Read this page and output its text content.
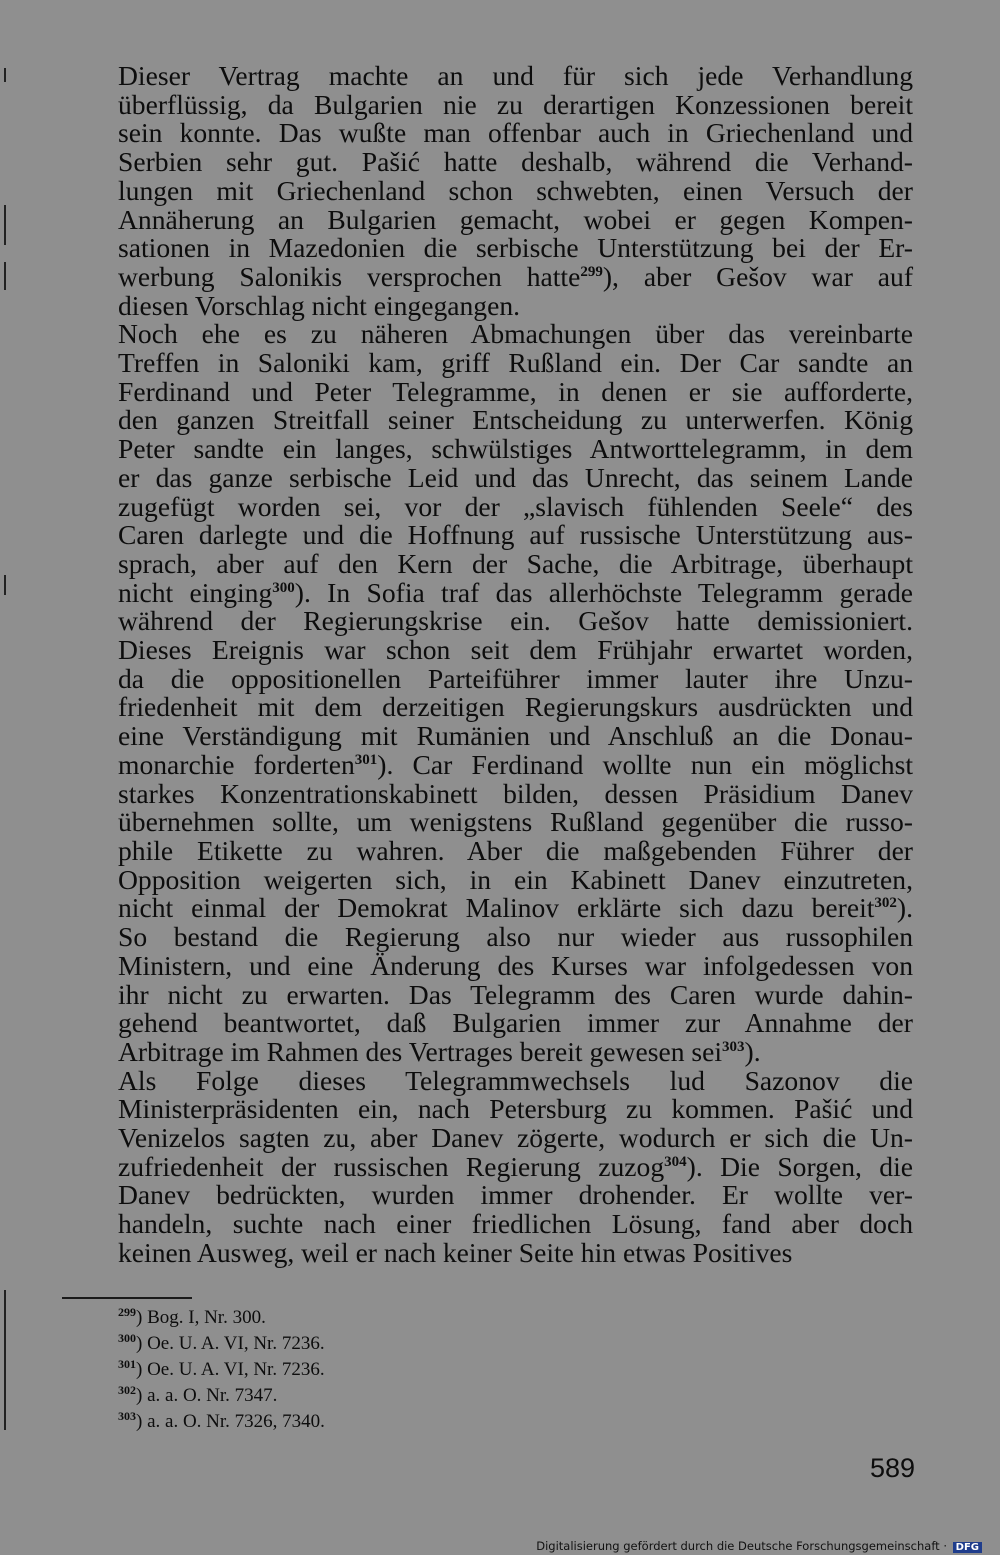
Dieser Vertrag machte an und für sich jede Verhandlung
überflüssig, da Bulgarien nie zu derartigen Konzessionen bereit
sein konnte. Das wußte man offenbar auch in Griechenland und
Serbien sehr gut. Pašić hatte deshalb, während die Verhand-
lungen mit Griechenland schon schwebten, einen Versuch der
Annäherung an Bulgarien gemacht, wobei er gegen Kompen-
sationen in Mazedonien die serbische Unterstützung bei der Er-
werbung Salonikis versprochen hatte$^{299}$), aber Gešov war auf
diesen Vorschlag nicht eingegangen.

Noch ehe es zu näheren Abmachungen über das vereinbarte
Treffen in Saloniki kam, griff Rußland ein. Der Car sandte an
Ferdinand und Peter Telegramme, in denen er sie aufforderte,
den ganzen Streitfall seiner Entscheidung zu unterwerfen. König
Peter sandte ein langes, schwülstiges Antworttelegramm, in dem
er das ganze serbische Leid und das Unrecht, das seinem Lande
zugefügt worden sei, vor der „slavisch fühlenden Seele“ des
Caren darlegte und die Hoffnung auf russische Unterstützung aus-
sprach, aber auf den Kern der Sache, die Arbitrage, überhaupt
nicht einging$^{300}$). In Sofia traf das allerhöchste Telegramm gerade
während der Regierungskrise ein. Gešov hatte demissioniert.
Dieses Ereignis war schon seit dem Frühjahr erwartet worden,
da die oppositionellen Parteiführer immer lauter ihre Unzu-
friedenheit mit dem derzeitigen Regierungskurs ausdrückten und
eine Verständigung mit Rumänien und Anschluß an die Donau-
monarchie forderten$^{301}$). Car Ferdinand wollte nun ein möglichst
starkes Konzentrationskabinett bilden, dessen Präsidium Danev
übernehmen sollte, um wenigstens Rußland gegenüber die russo-
phile Etikette zu wahren. Aber die maßgebenden Führer der
Opposition weigerten sich, in ein Kabinett Danev einzutreten,
nicht einmal der Demokrat Malinov erklärte sich dazu bereit$^{302}$).
So bestand die Regierung also nur wieder aus russophilen
Ministern, und eine Änderung des Kurses war infolgedessen von
ihr nicht zu erwarten. Das Telegramm des Caren wurde dahin-
gehend beantwortet, daß Bulgarien immer zur Annahme der
Arbitrage im Rahmen des Vertrages bereit gewesen sei$^{303}$).

Als Folge dieses Telegrammwechsels lud Sazonov die
Ministerpräsidenten ein, nach Petersburg zu kommen. Pašić und
Venizelos sagten zu, aber Danev zögerte, wodurch er sich die Un-
zufriedenheit der russischen Regierung zuzog$^{304}$). Die Sorgen, die
Danev bedrückten, wurden immer drohender. Er wollte ver-
handeln, suchte nach einer friedlichen Lösung, fand aber doch
keinen Ausweg, weil er nach keiner Seite hin etwas Positives

$^{299}$) Bog. I, Nr. 300.
$^{300}$) Oe. U. A. VI, Nr. 7236.
$^{301}$) Oe. U. A. VI, Nr. 7236.
$^{302}$) a. a. O. Nr. 7347.
$^{303}$) a. a. O. Nr. 7326, 7340.
589
Digitalisierung gefördert durch die Deutsche Forschungsgemeinschaft · DFG
